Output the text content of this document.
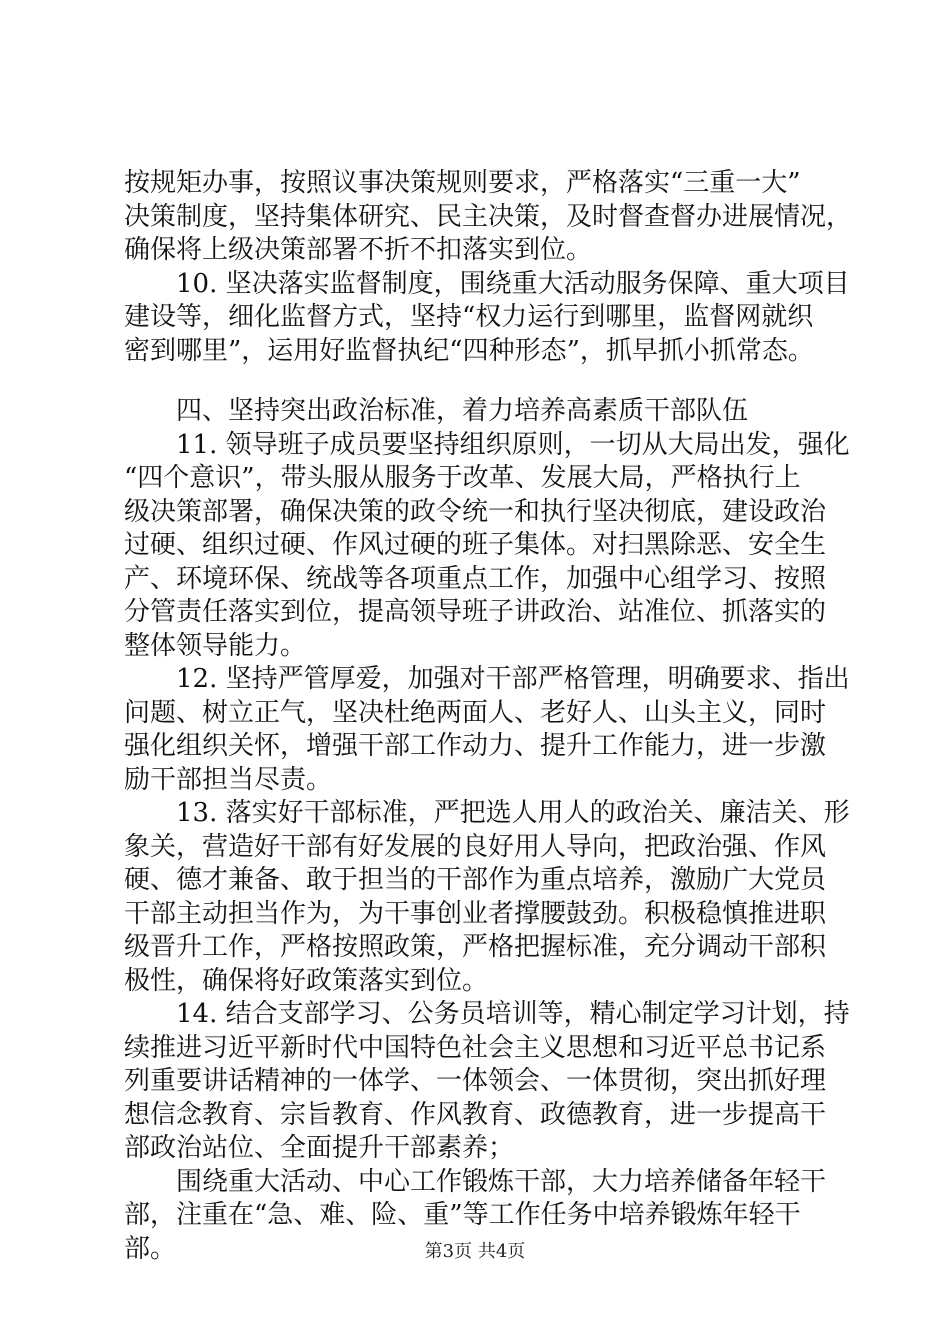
按规矩办事，按照议事决策规则要求，严格落实“三重一大”
决策制度，坚持集体研究、民主决策，及时督查督办进展情况，
确保将上级决策部署不折不扣落实到位。
10. 坚决落实监督制度，围绕重大活动服务保障、重大项目
建设等，细化监督方式，坚持“权力运行到哪里，监督网就织
密到哪里”，运用好监督执纪“四种形态”，抓早抓小抓常态。
四、坚持突出政治标准，着力培养高素质干部队伍
11. 领导班子成员要坚持组织原则，一切从大局出发，强化
“四个意识”，带头服从服务于改革、发展大局，严格执行上
级决策部署，确保决策的政令统一和执行坚决彻底，建设政治
过硬、组织过硬、作风过硬的班子集体。对扫黑除恶、安全生
产、环境环保、统战等各项重点工作，加强中心组学习、按照
分管责任落实到位，提高领导班子讲政治、站准位、抓落实的
整体领导能力。
12. 坚持严管厚爱，加强对干部严格管理，明确要求、指出
问题、树立正气，坚决杜绝两面人、老好人、山头主义，同时
强化组织关怀，增强干部工作动力、提升工作能力，进一步激
励干部担当尽责。
13. 落实好干部标准，严把选人用人的政治关、廉洁关、形
象关，营造好干部有好发展的良好用人导向，把政治强、作风
硬、德才兼备、敢于担当的干部作为重点培养，激励广大党员
干部主动担当作为，为干事创业者撑腰鼓劲。积极稳慎推进职
级晋升工作，严格按照政策，严格把握标准，充分调动干部积
极性，确保将好政策落实到位。
14. 结合支部学习、公务员培训等，精心制定学习计划，持
续推进习近平新时代中国特色社会主义思想和习近平总书记系
列重要讲话精神的一体学、一体领会、一体贯彻，突出抓好理
想信念教育、宗旨教育、作风教育、政德教育，进一步提高干
部政治站位、全面提升干部素养；
围绕重大活动、中心工作锻炼干部，大力培养储备年轻干
部，注重在“急、难、险、重”等工作任务中培养锻炼年轻干
部。	第3页 共4页
